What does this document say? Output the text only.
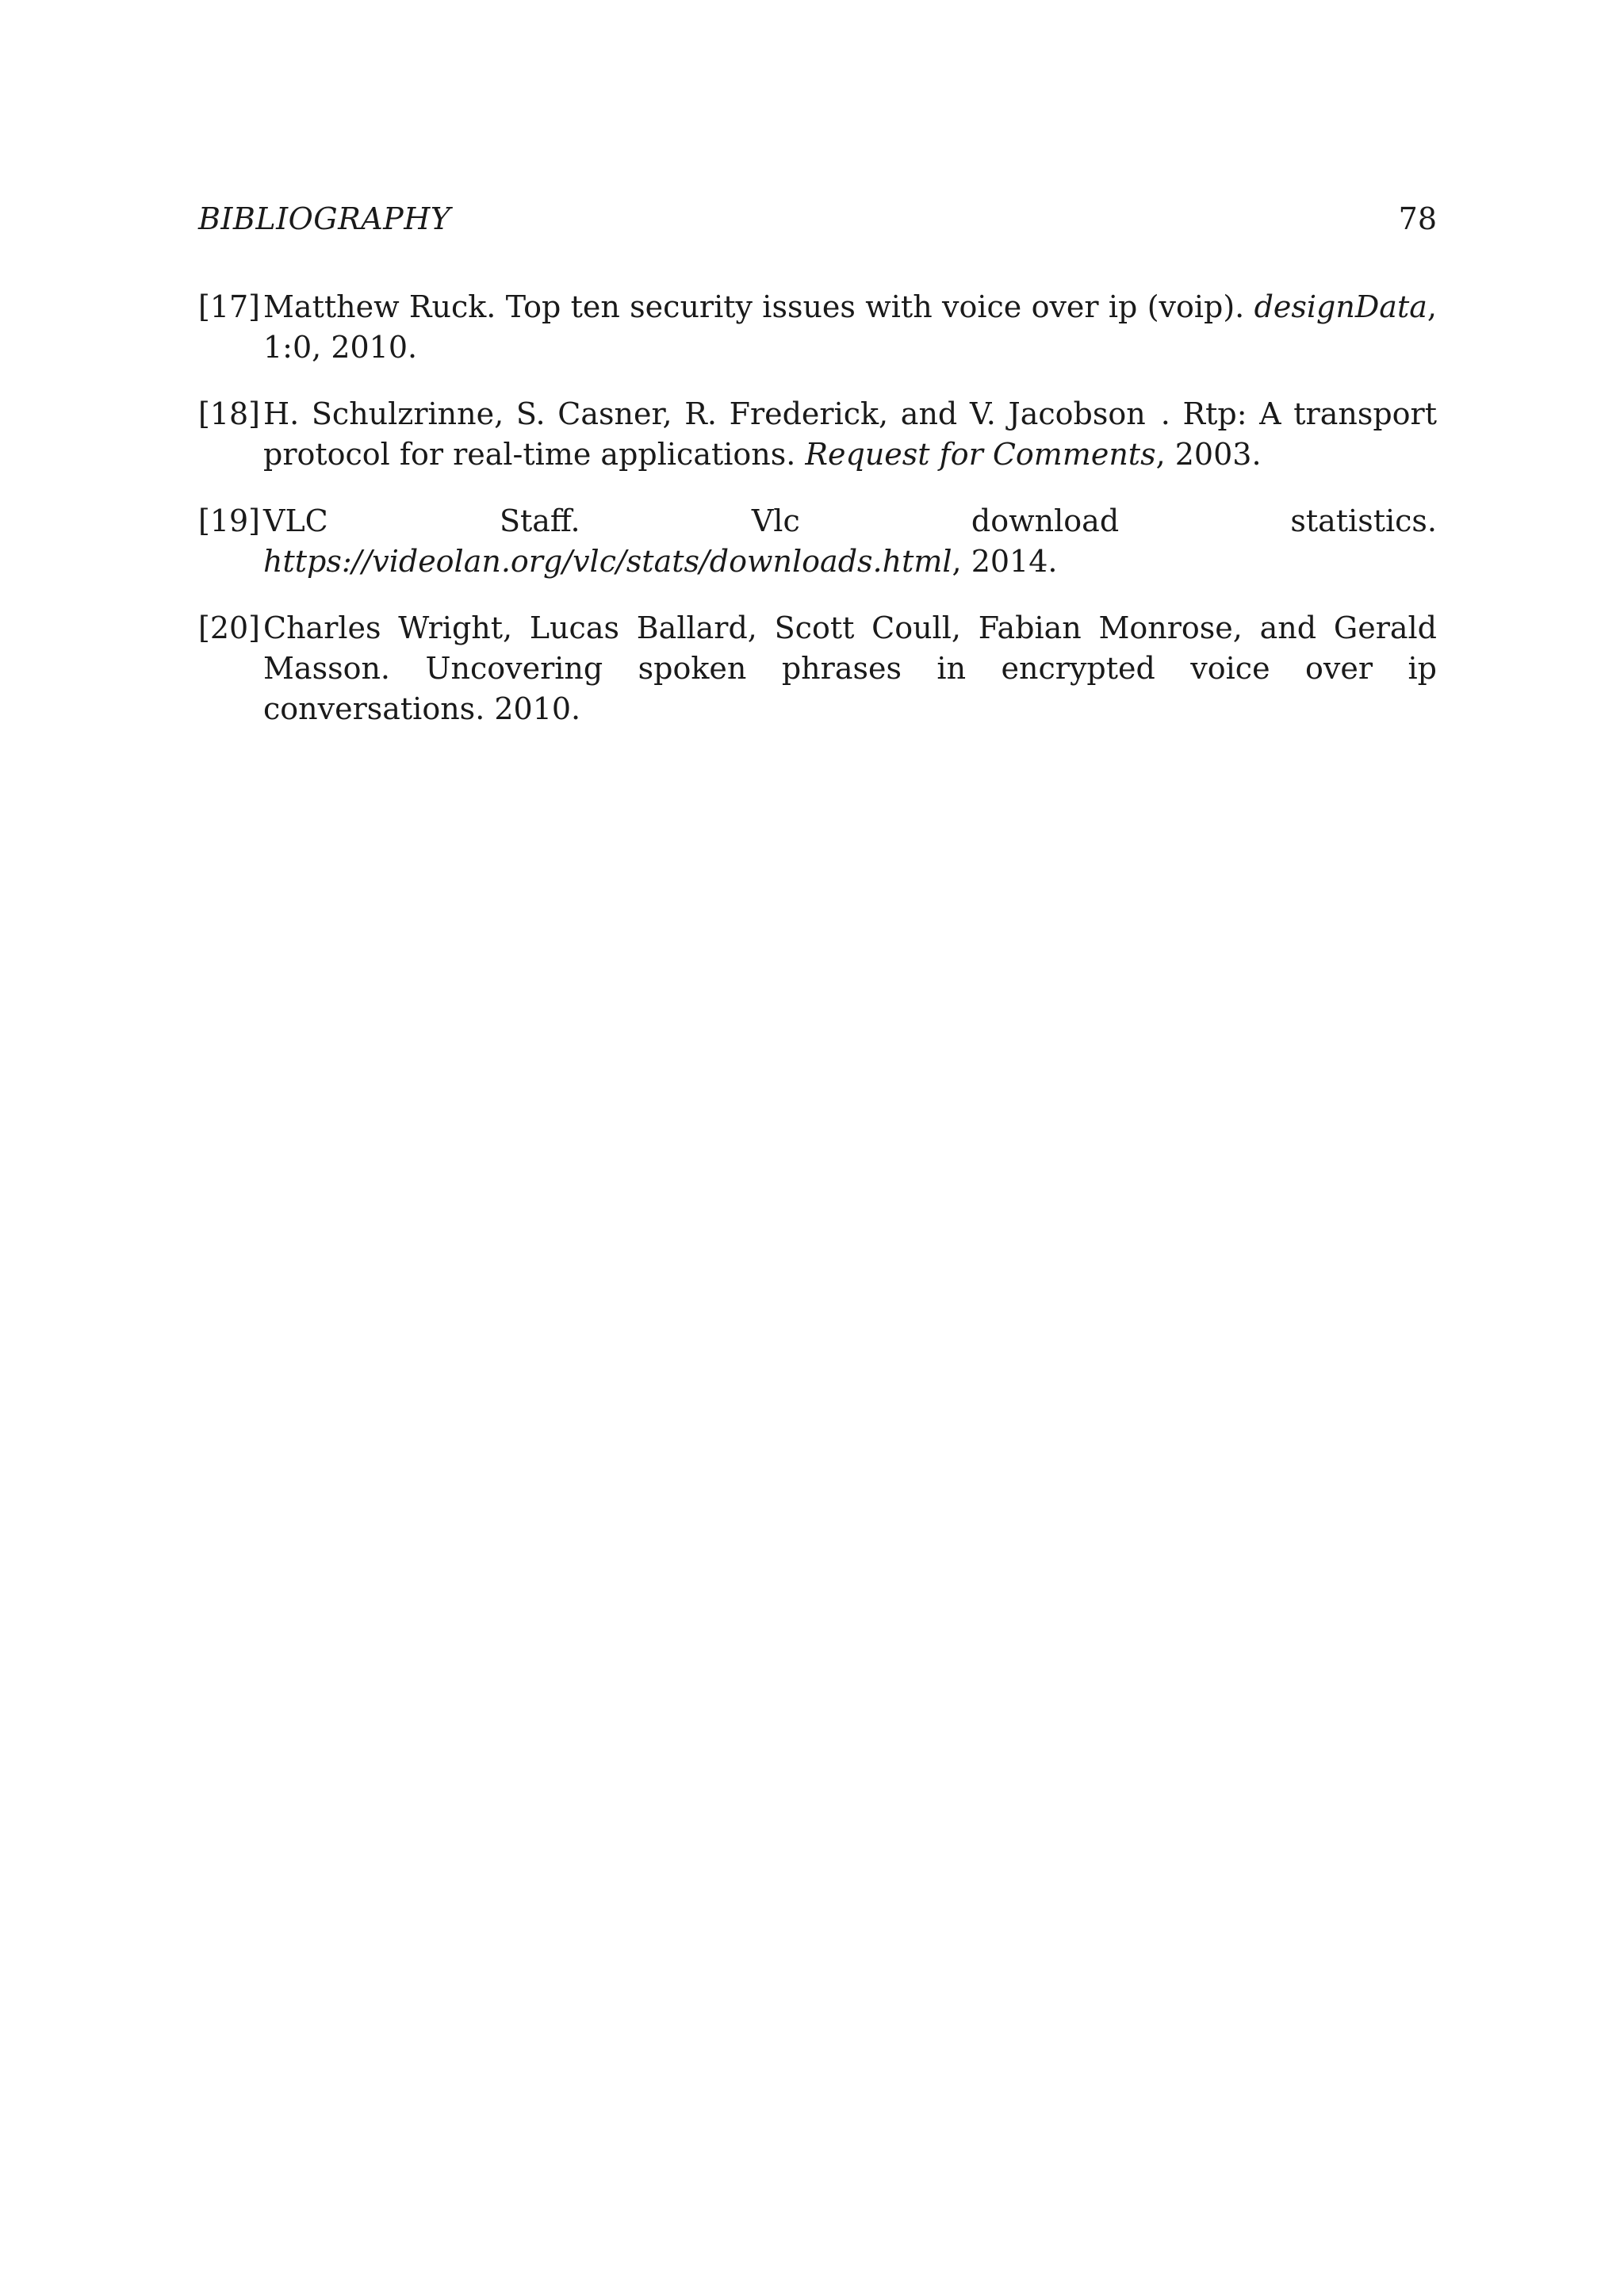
BIBLIOGRAPHY	78
[17] Matthew Ruck. Top ten security issues with voice over ip (voip). designData, 1:0, 2010.
[18] H. Schulzrinne, S. Casner, R. Frederick, and V. Jacobson . Rtp: A transport protocol for real-time applications. Request for Comments, 2003.
[19] VLC Staff. Vlc download statistics. https://videolan.org/vlc/stats/downloads.html, 2014.
[20] Charles Wright, Lucas Ballard, Scott Coull, Fabian Monrose, and Gerald Masson. Uncovering spoken phrases in encrypted voice over ip conversations. 2010.
